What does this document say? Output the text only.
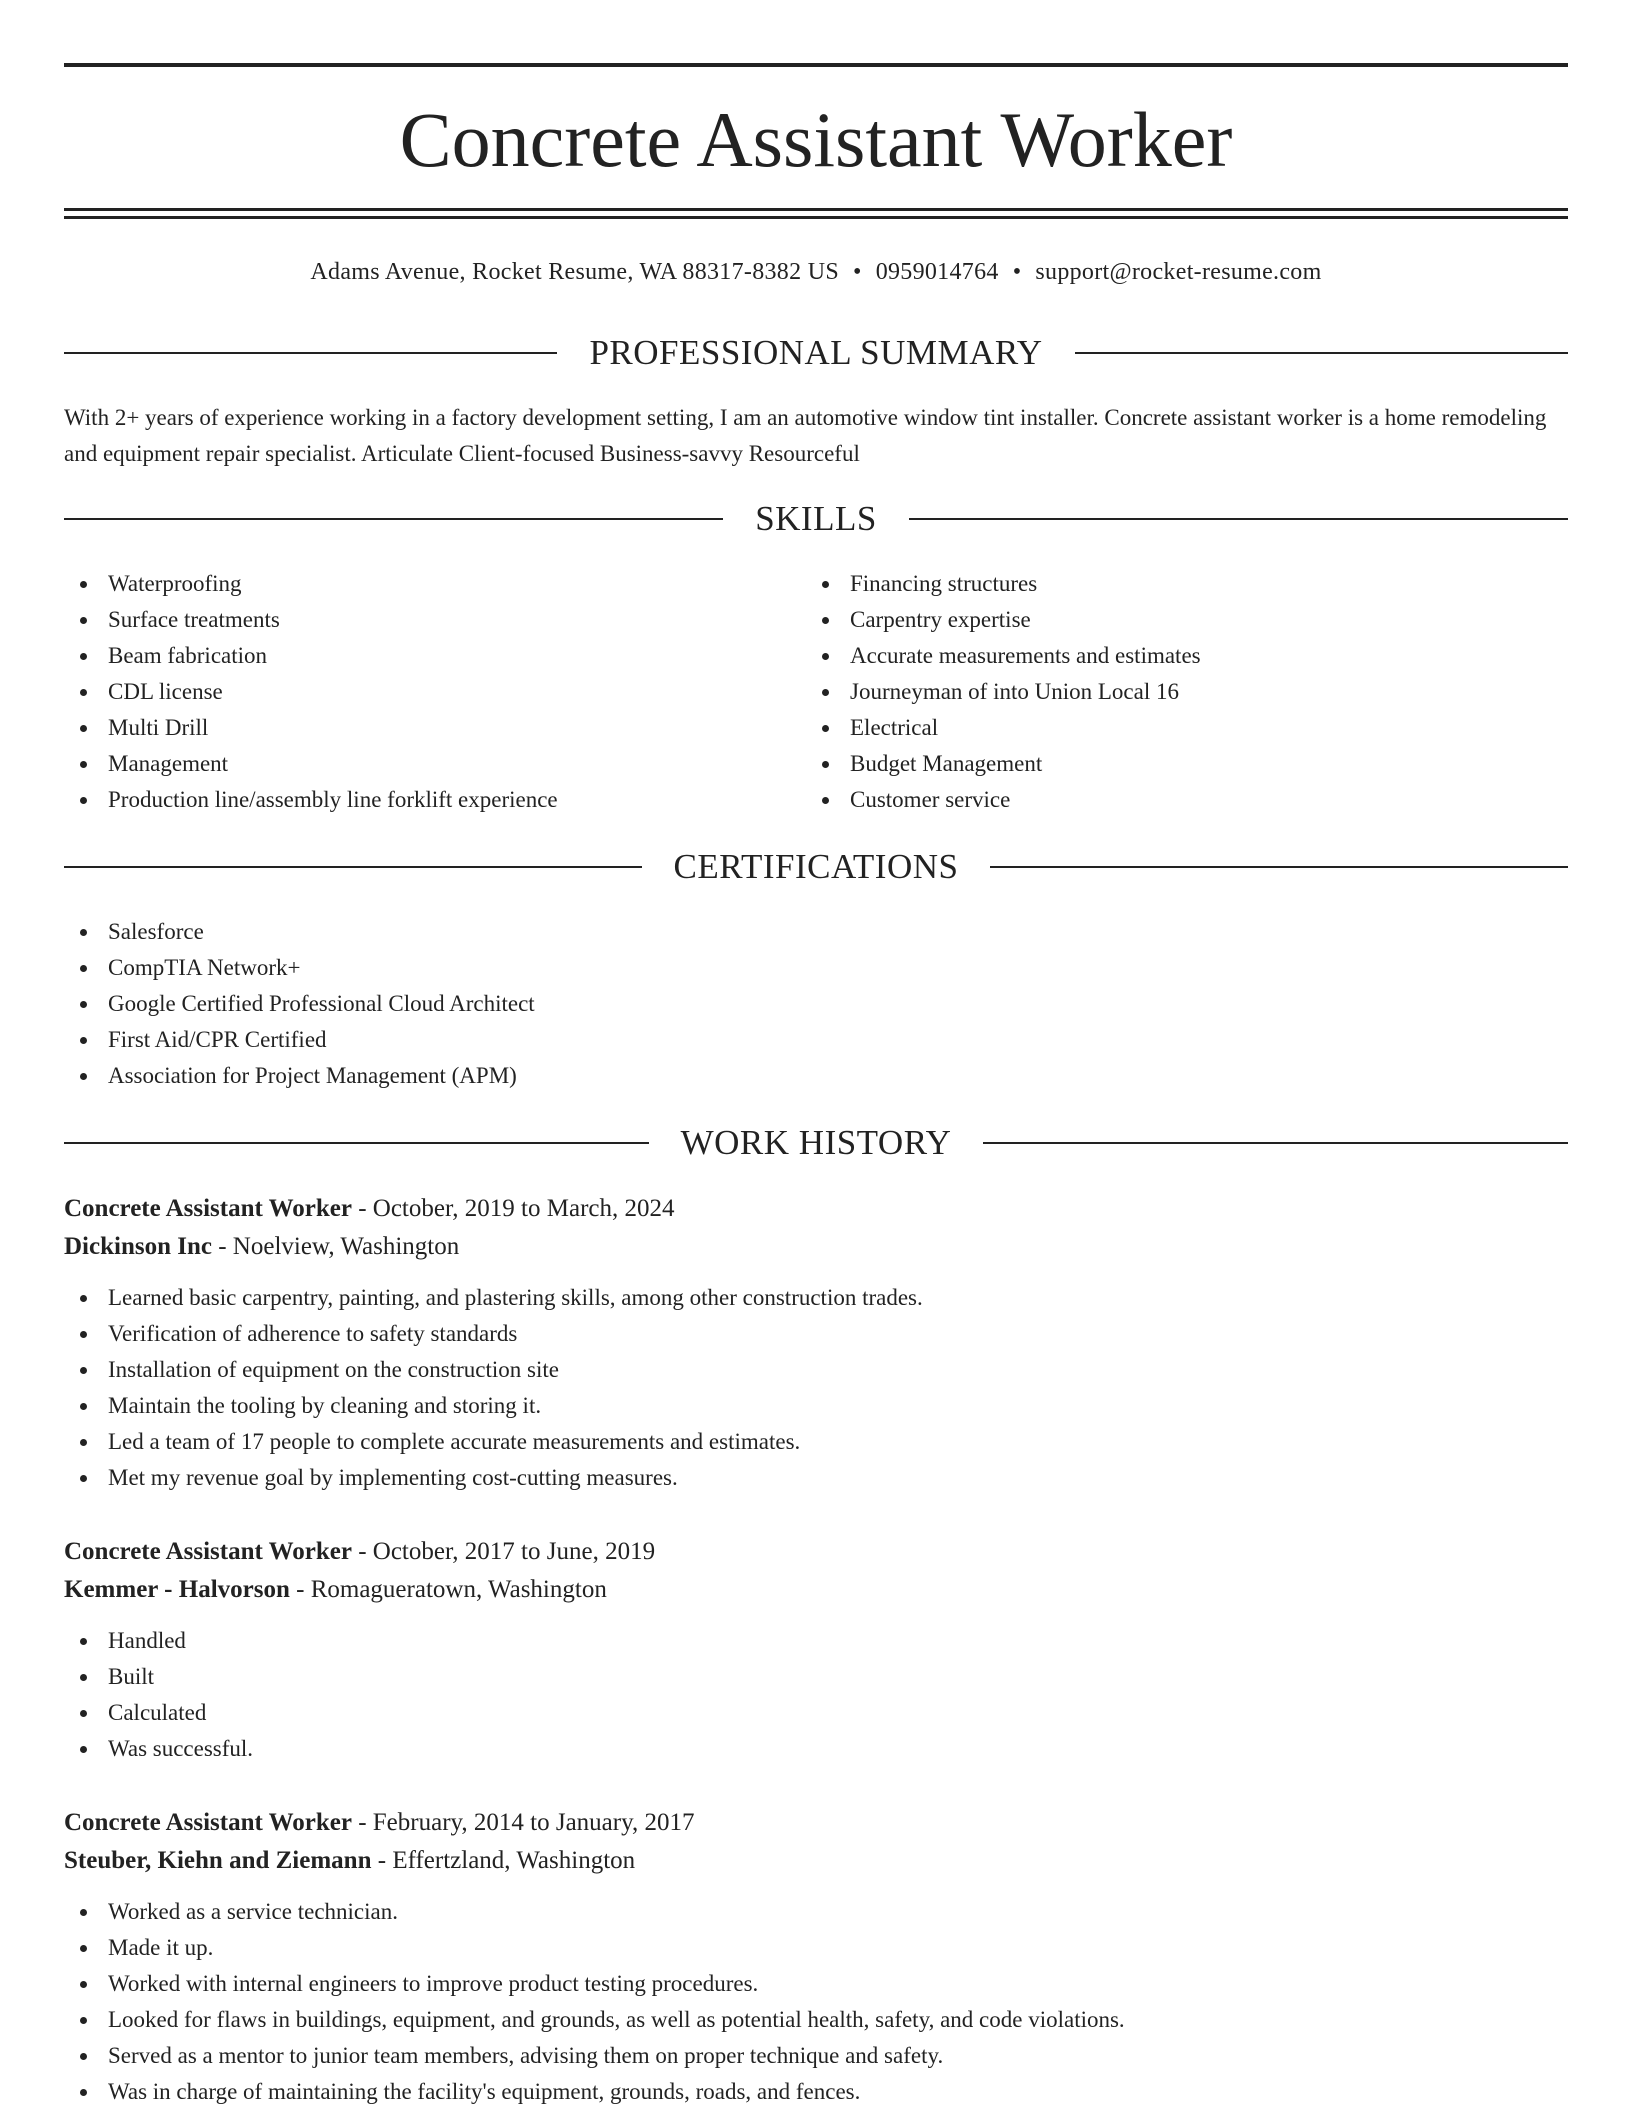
Concrete Assistant Worker
Adams Avenue, Rocket Resume, WA 88317-8382 US • 0959014764 • support@rocket-resume.com
PROFESSIONAL SUMMARY

With 2+ years of experience working in a factory development setting, I am an automotive window tint installer. Concrete assistant worker is a home remodeling and equipment repair specialist. Articulate Client-focused Business-savvy Resourceful

SKILLS
Waterproofing
Surface treatments
Beam fabrication
CDL license
Multi Drill
Management
Production line/assembly line forklift experience
Financing structures
Carpentry expertise
Accurate measurements and estimates
Journeyman of into Union Local 16
Electrical
Budget Management
Customer service
CERTIFICATIONS
Salesforce
CompTIA Network+
Google Certified Professional Cloud Architect
First Aid/CPR Certified
Association for Project Management (APM)
WORK HISTORY
Concrete Assistant Worker - October, 2019 to March, 2024
Dickinson Inc - Noelview, Washington
Learned basic carpentry, painting, and plastering skills, among other construction trades.
Verification of adherence to safety standards
Installation of equipment on the construction site
Maintain the tooling by cleaning and storing it.
Led a team of 17 people to complete accurate measurements and estimates.
Met my revenue goal by implementing cost-cutting measures.
Concrete Assistant Worker - October, 2017 to June, 2019
Kemmer - Halvorson - Romagueratown, Washington
Handled
Built
Calculated
Was successful.
Concrete Assistant Worker - February, 2014 to January, 2017
Steuber, Kiehn and Ziemann - Effertzland, Washington
Worked as a service technician.
Made it up.
Worked with internal engineers to improve product testing procedures.
Looked for flaws in buildings, equipment, and grounds, as well as potential health, safety, and code violations.
Served as a mentor to junior team members, advising them on proper technique and safety.
Was in charge of maintaining the facility's equipment, grounds, roads, and fences.
